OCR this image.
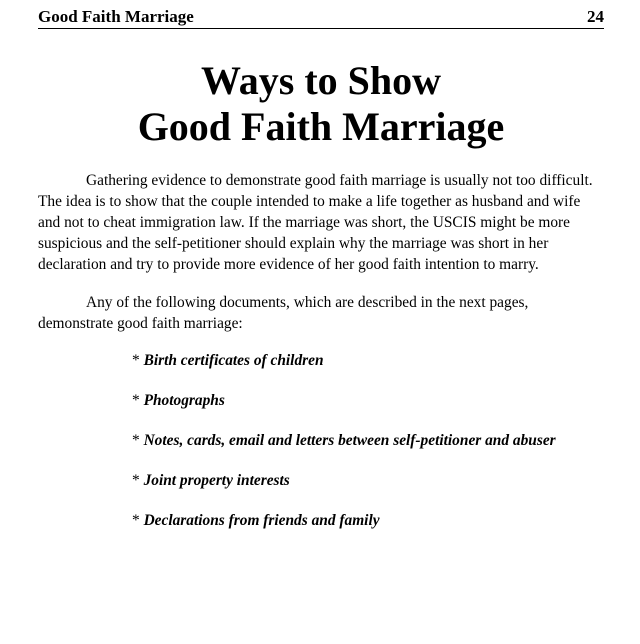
Good Faith Marriage	24
Ways to Show
Good Faith Marriage

Gathering evidence to demonstrate good faith marriage is usually not too difficult. The idea is to show that the couple intended to make a life together as husband and wife and not to cheat immigration law. If the marriage was short, the USCIS might be more suspicious and the self-petitioner should explain why the marriage was short in her declaration and try to provide more evidence of her good faith intention to marry.

Any of the following documents, which are described in the next pages, demonstrate good faith marriage:

* Birth certificates of children
* Photographs
* Notes, cards, email and letters between self-petitioner and abuser
* Joint property interests
* Declarations from friends and family
